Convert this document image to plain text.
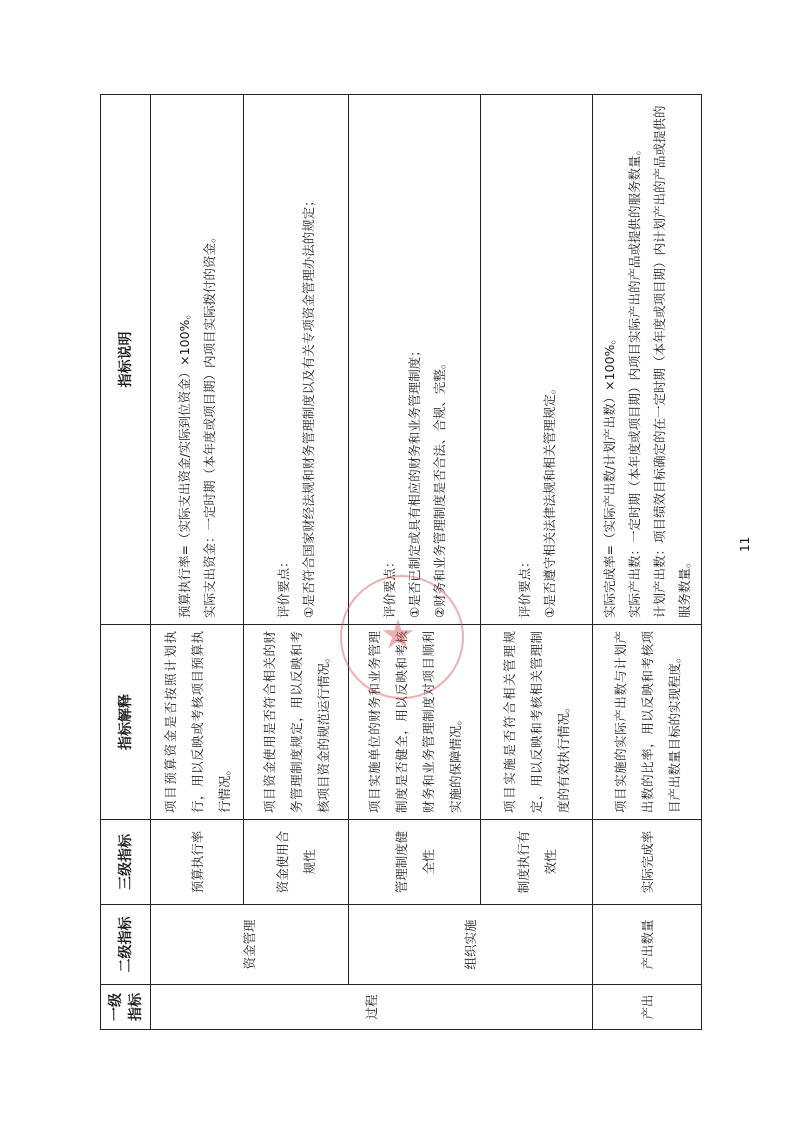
一级
指标	二级指标	三级指标	指标解释	指标说明
过程	资金管理	预算执行率	项目预算资金是否按照计划执行，用以反映或考核项目预算执行情况。	预算执行率=（实际支出资金/实际到位资金）×100%。 实际支出资金：一定时期（本年度或项目期）内项目实际拨付的资金。

		资金使用合规性	项目资金使用是否符合相关的财务管理制度规定，用以反映和考核项目资金的规范运行情况。	评价要点： ①是否符合国家财经法规和财务管理制度以及有关专项资金管理办法的规定；

	组织实施	管理制度健全性	项目实施单位的财务和业务管理制度是否健全，用以反映和考核财务和业务管理制度对项目顺利实施的保障情况。	评价要点： ①是否已制定或具有相应的财务和业务管理制度； ②财务和业务管理制度是否合法、合规、完整。

		制度执行有效性	项目实施是否符合相关管理规定，用以反映和考核相关管理制度的有效执行情况。	评价要点： ①是否遵守相关法律法规和相关管理规定。

产出	产出数量	实际完成率	项目实施的实际产出数与计划产出数的比率，用以反映和考核项目产出数量目标的实现程度。	实际完成率=（实际产出数/计划产出数）×100%。 实际产出数：一定时期（本年度或项目期）内项目实际产出的产品或提供的服务数量。 计划产出数：项目绩效目标确定的在一定时期（本年度或项目期）内计划产出的产品或提供的服务数量。

★
11
